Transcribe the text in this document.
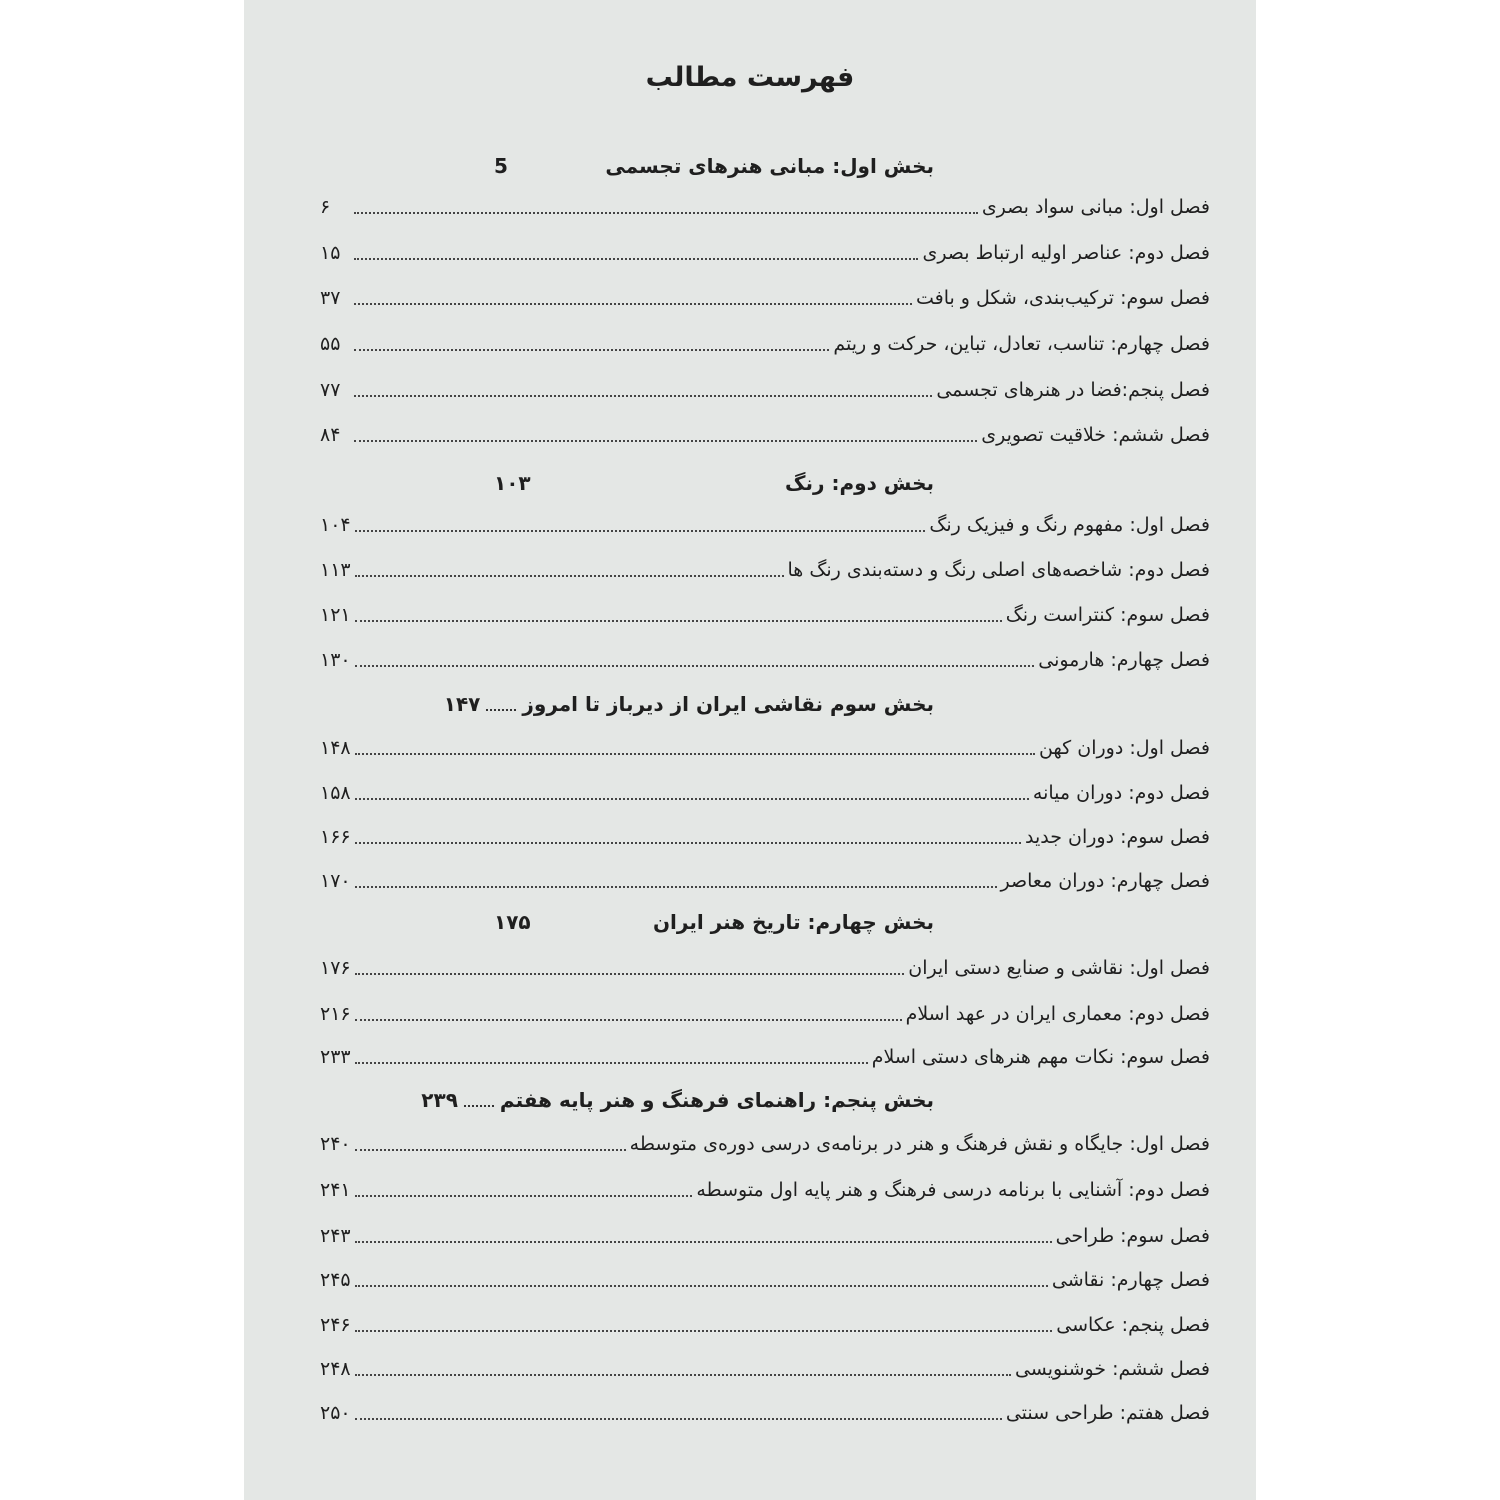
فهرست مطالب
بخش اول: مبانی هنرهای تجسمی
5
فصل اول: مبانی سواد بصری
۶
فصل دوم: عناصر اولیه ارتباط بصری
۱۵
فصل سوم: ترکیب‌بندی، شکل و بافت
۳۷
فصل چهارم: تناسب، تعادل، تباین، حرکت و ریتم
۵۵
فصل پنجم:فضا در هنرهای تجسمی
۷۷
فصل ششم: خلاقیت تصویری
۸۴
بخش دوم: رنگ
۱۰۳
فصل اول: مفهوم رنگ و فیزیک رنگ
۱۰۴
فصل دوم: شاخصه‌های اصلی رنگ و دسته‌بندی رنگ ها
۱۱۳
فصل سوم: کنتراست رنگ
۱۲۱
فصل چهارم: هارمونی
۱۳۰
بخش سوم نقاشی ایران از دیرباز تا امروز
۱۴۷
فصل اول: دوران کهن
۱۴۸
فصل دوم: دوران میانه
۱۵۸
فصل سوم: دوران جدید
۱۶۶
فصل چهارم: دوران معاصر
۱۷۰
بخش چهارم: تاریخ هنر ایران
۱۷۵
فصل اول: نقاشی و صنایع دستی ایران
۱۷۶
فصل دوم: معماری ایران در عهد اسلام
۲۱۶
فصل سوم: نکات مهم هنرهای دستی اسلام
۲۳۳
بخش پنجم: راهنمای فرهنگ و هنر پایه هفتم
۲۳۹
فصل اول: جایگاه و نقش فرهنگ و هنر در برنامه‌ی درسی دوره‌ی متوسطه
۲۴۰
فصل دوم: آشنایی با برنامه درسی فرهنگ و هنر پایه اول متوسطه
۲۴۱
فصل سوم: طراحی
۲۴۳
فصل چهارم: نقاشی
۲۴۵
فصل پنجم: عکاسی
۲۴۶
فصل ششم: خوشنویسی
۲۴۸
فصل هفتم: طراحی سنتی
۲۵۰
